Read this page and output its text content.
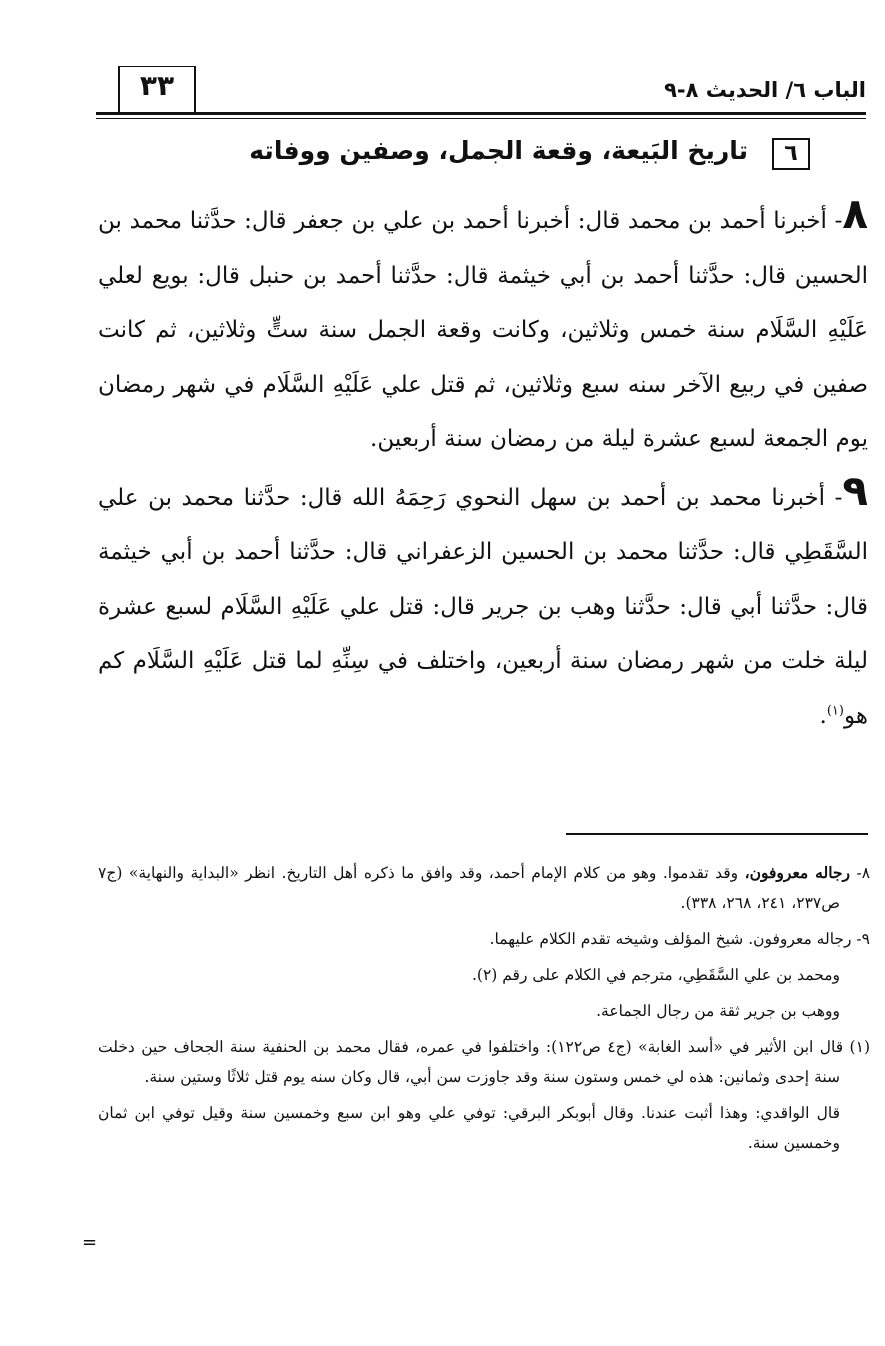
الباب ٦/ الحديث ٨-٩
٣٣
٦
تاريخ البَيعة، وقعة الجمل، وصفين ووفاته

٨- أخبرنا أحمد بن محمد قال: أخبرنا أحمد بن علي بن جعفر قال: حدَّثنا محمد بن الحسين قال: حدَّثنا أحمد بن أبي خيثمة قال: حدَّثنا أحمد بن حنبل قال: بويع لعلي عَلَيْهِ السَّلَام سنة خمس وثلاثين، وكانت وقعة الجمل سنة ستٍّ وثلاثين، ثم كانت صفين في ربيع الآخر سنه سبع وثلاثين، ثم قتل علي عَلَيْهِ السَّلَام في شهر رمضان يوم الجمعة لسبع عشرة ليلة من رمضان سنة أربعين.

٩- أخبرنا محمد بن أحمد بن سهل النحوي رَحِمَهُ الله قال: حدَّثنا محمد بن علي السَّقَطِي قال: حدَّثنا محمد بن الحسين الزعفراني قال: حدَّثنا أحمد بن أبي خيثمة قال: حدَّثنا أبي قال: حدَّثنا وهب بن جرير قال: قتل علي عَلَيْهِ السَّلَام لسبع عشرة ليلة خلت من شهر رمضان سنة أربعين، واختلف في سِنِّهِ لما قتل عَلَيْهِ السَّلَام كم هو$^{(١)}$.

٨- رجاله معروفون، وقد تقدموا. وهو من كلام الإمام أحمد، وقد وافق ما ذكره أهل التاريخ. انظر «البداية والنهاية» (ج٧ ص٢٣٧، ٢٤١، ٢٦٨، ٣٣٨).

٩- رجاله معروفون. شيخ المؤلف وشيخه تقدم الكلام عليهما.

ومحمد بن علي السَّقَطِي، مترجم في الكلام على رقم (٢).

ووهب بن جرير ثقة من رجال الجماعة.

(١) قال ابن الأثير في «أسد الغابة» (ج٤ ص١٢٢): واختلفوا في عمره، فقال محمد بن الحنفية سنة الجحاف حين دخلت سنة إحدى وثمانين: هذه لي خمس وستون سنة وقد جاوزت سن أبي، قال وكان سنه يوم قتل ثلاثًا وستين سنة.

قال الواقدي: وهذا أثبت عندنا. وقال أبوبكر البرقي: توفي علي وهو ابن سبع وخمسين سنة وقيل توفي ابن ثمان وخمسين سنة.

=
